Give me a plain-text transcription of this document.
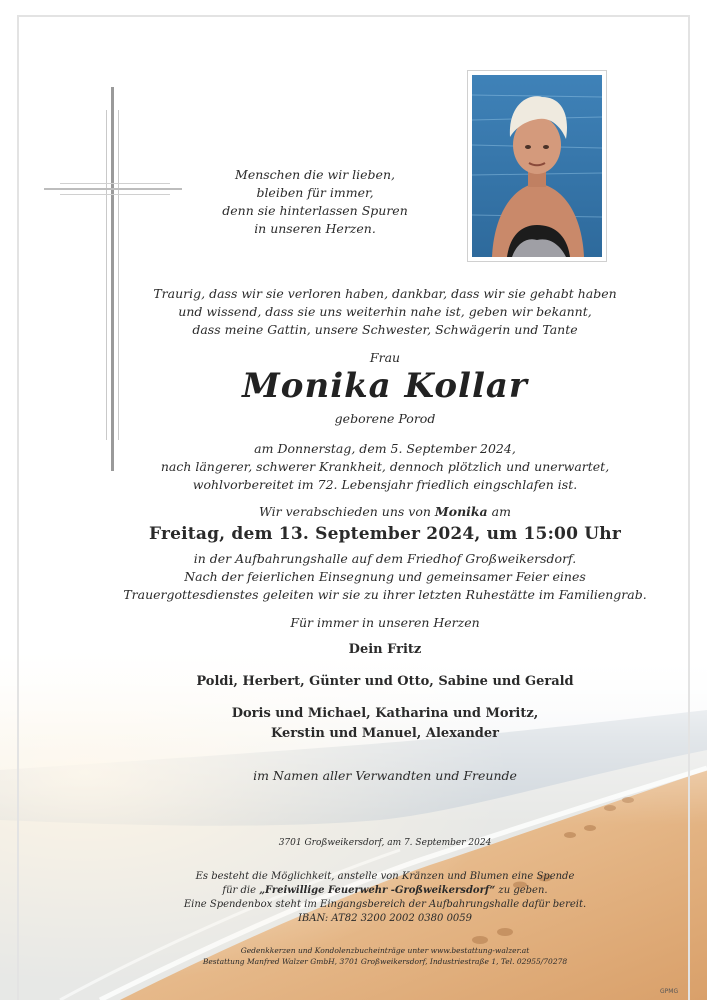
Menschen die wir lieben,
bleiben für immer,
denn sie hinterlassen Spuren
in unseren Herzen.
Traurig, dass wir sie verloren haben, dankbar, dass wir sie gehabt haben
und wissend, dass sie uns weiterhin nahe ist, geben wir bekannt,
dass meine Gattin, unsere Schwester, Schwägerin und Tante
Frau
Monika Kollar
geborene Porod
am Donnerstag, dem 5. September 2024,
nach längerer, schwerer Krankheit, dennoch plötzlich und unerwartet,
wohlvorbereitet im 72. Lebensjahr friedlich eingschlafen ist.
Wir verabschieden uns von Monika am
Freitag, dem 13. September 2024, um 15:00 Uhr
in der Aufbahrungshalle auf dem Friedhof Großweikersdorf.
Nach der feierlichen Einsegnung und gemeinsamer Feier eines
Trauergottesdienstes geleiten wir sie zu ihrer letzten Ruhestätte im Familiengrab.
Für immer in unseren Herzen
Dein Fritz
Poldi, Herbert, Günter und Otto, Sabine und Gerald
Doris und Michael, Katharina und Moritz,
Kerstin und Manuel, Alexander
im Namen aller Verwandten und Freunde
3701 Großweikersdorf, am 7. September 2024
Es besteht die Möglichkeit, anstelle von Kränzen und Blumen eine Spende
für die „Freiwillige Feuerwehr -Großweikersdorf“ zu geben.
Eine Spendenbox steht im Eingangsbereich der Aufbahrungshalle dafür bereit.
IBAN: AT82 3200 2002 0380 0059
Gedenkkerzen und Kondolenzbucheinträge unter www.bestattung-walzer.at
Bestattung Manfred Walzer GmbH, 3701 Großweikersdorf, Industriestraße 1, Tel. 02955/70278
GPMG
